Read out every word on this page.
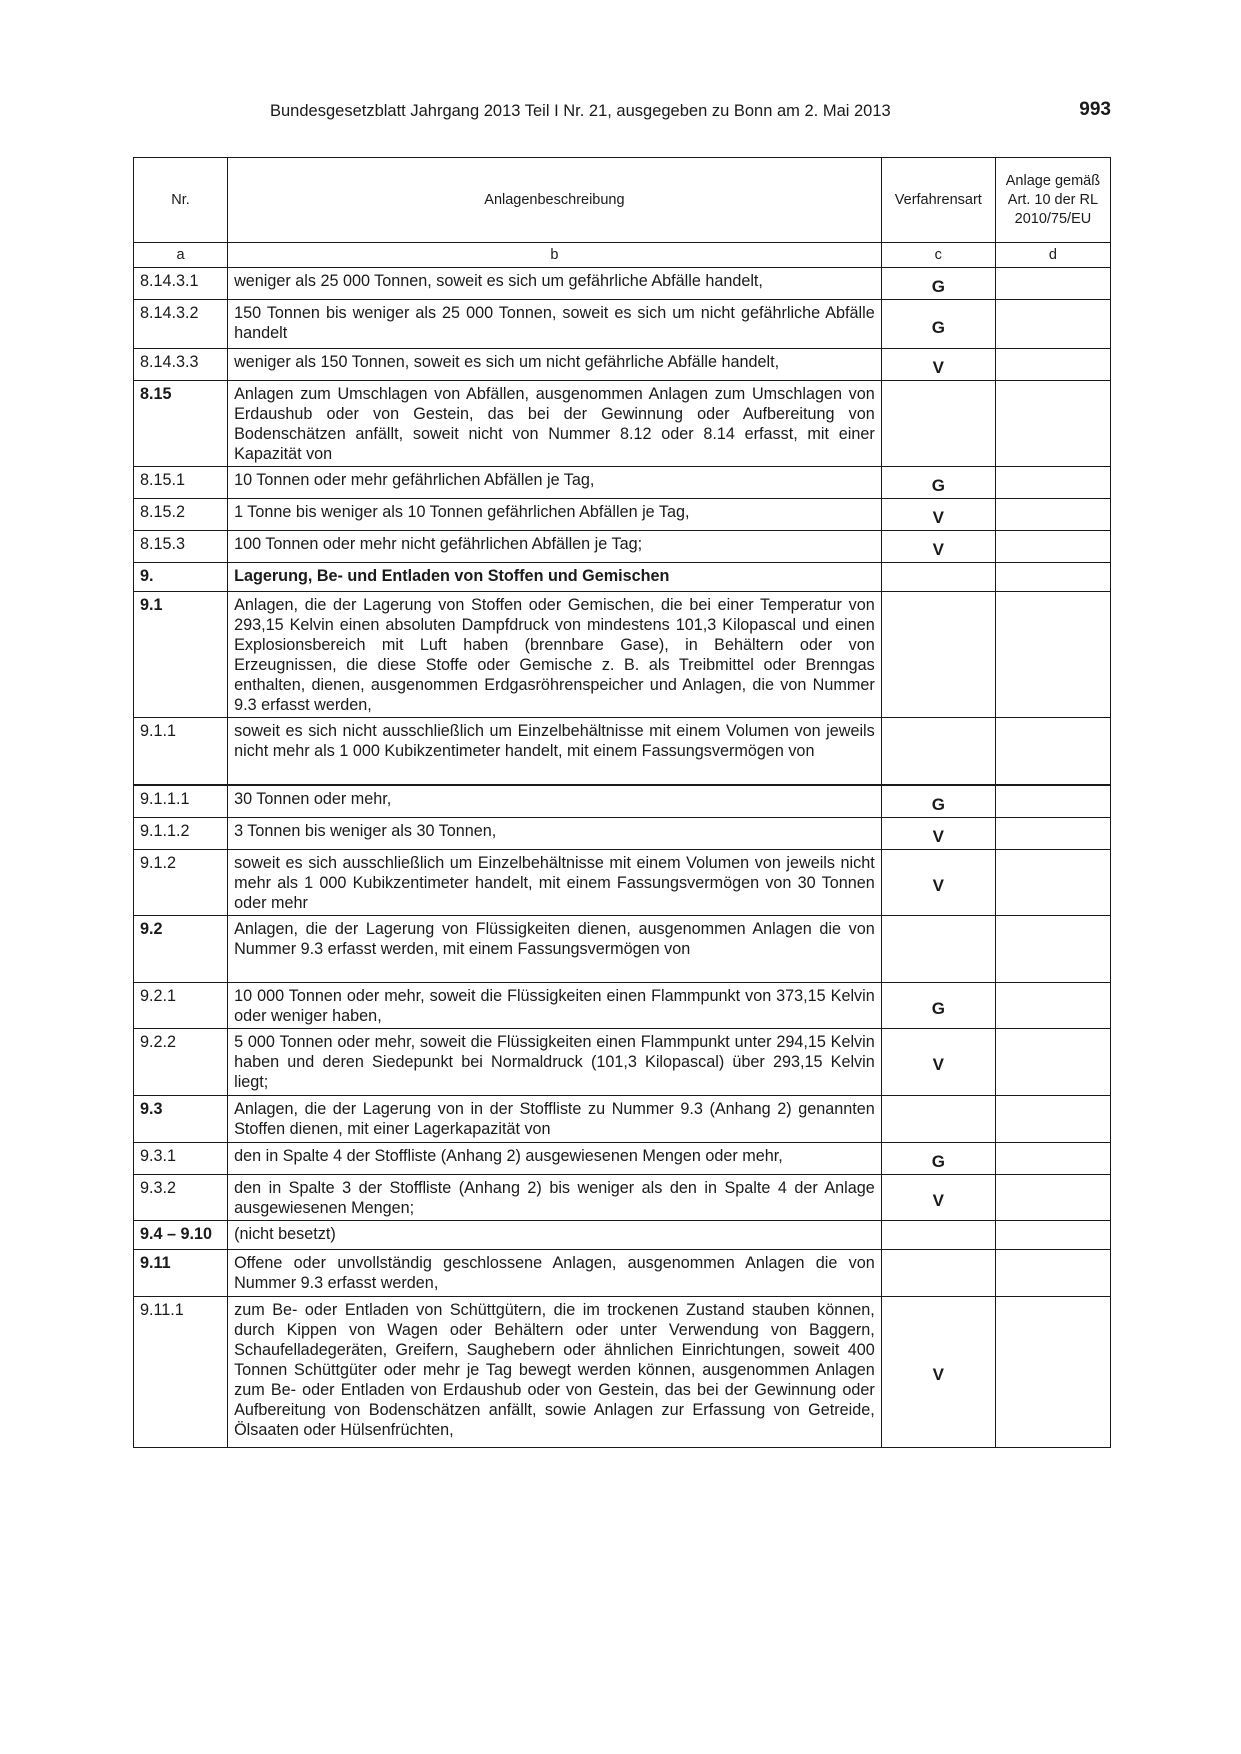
Bundesgesetzblatt Jahrgang 2013 Teil I Nr. 21, ausgegeben zu Bonn am 2. Mai 2013	993
Nr.	Anlagenbeschreibung	Verfahrensart	Anlage gemäß Art. 10 der RL 2010/75/EU
a	b	c	d
8.14.3.1	weniger als 25 000 Tonnen, soweit es sich um gefährliche Abfälle handelt,	G	
8.14.3.2	150 Tonnen bis weniger als 25 000 Tonnen, soweit es sich um nicht gefährliche Abfälle handelt	G	
8.14.3.3	weniger als 150 Tonnen, soweit es sich um nicht gefährliche Abfälle handelt,	V	
8.15	Anlagen zum Umschlagen von Abfällen, ausgenommen Anlagen zum Umschlagen von Erdaushub oder von Gestein, das bei der Gewinnung oder Aufbereitung von Bodenschätzen anfällt, soweit nicht von Nummer 8.12 oder 8.14 erfasst, mit einer Kapazität von		
8.15.1	10 Tonnen oder mehr gefährlichen Abfällen je Tag,	G	
8.15.2	1 Tonne bis weniger als 10 Tonnen gefährlichen Abfällen je Tag,	V	
8.15.3	100 Tonnen oder mehr nicht gefährlichen Abfällen je Tag;	V	
9.	Lagerung, Be- und Entladen von Stoffen und Gemischen		
9.1	Anlagen, die der Lagerung von Stoffen oder Gemischen, die bei einer Temperatur von 293,15 Kelvin einen absoluten Dampfdruck von mindestens 101,3 Kilopascal und einen Explosionsbereich mit Luft haben (brennbare Gase), in Behältern oder von Erzeugnissen, die diese Stoffe oder Gemische z. B. als Treibmittel oder Brenngas enthalten, dienen, ausgenommen Erdgasröhrenspeicher und Anlagen, die von Nummer 9.3 erfasst werden,		
9.1.1	soweit es sich nicht ausschließlich um Einzelbehältnisse mit einem Volumen von jeweils nicht mehr als 1 000 Kubikzentimeter handelt, mit einem Fassungsvermögen von		
9.1.1.1	30 Tonnen oder mehr,	G	
9.1.1.2	3 Tonnen bis weniger als 30 Tonnen,	V	
9.1.2	soweit es sich ausschließlich um Einzelbehältnisse mit einem Volumen von jeweils nicht mehr als 1 000 Kubikzentimeter handelt, mit einem Fassungsvermögen von 30 Tonnen oder mehr	V	
9.2	Anlagen, die der Lagerung von Flüssigkeiten dienen, ausgenommen Anlagen die von Nummer 9.3 erfasst werden, mit einem Fassungsvermögen von		
9.2.1	10 000 Tonnen oder mehr, soweit die Flüssigkeiten einen Flammpunkt von 373,15 Kelvin oder weniger haben,	G	
9.2.2	5 000 Tonnen oder mehr, soweit die Flüssigkeiten einen Flammpunkt unter 294,15 Kelvin haben und deren Siedepunkt bei Normaldruck (101,3 Kilopascal) über 293,15 Kelvin liegt;	V	
9.3	Anlagen, die der Lagerung von in der Stoffliste zu Nummer 9.3 (Anhang 2) genannten Stoffen dienen, mit einer Lagerkapazität von		
9.3.1	den in Spalte 4 der Stoffliste (Anhang 2) ausgewiesenen Mengen oder mehr,	G	
9.3.2	den in Spalte 3 der Stoffliste (Anhang 2) bis weniger als den in Spalte 4 der Anlage ausgewiesenen Mengen;	V	
9.4 – 9.10	(nicht besetzt)		
9.11	Offene oder unvollständig geschlossene Anlagen, ausgenommen Anlagen die von Nummer 9.3 erfasst werden,		
9.11.1	zum Be- oder Entladen von Schüttgütern, die im trockenen Zustand stauben können, durch Kippen von Wagen oder Behältern oder unter Verwendung von Baggern, Schaufelladegeräten, Greifern, Saughebern oder ähnlichen Einrichtungen, soweit 400 Tonnen Schüttgüter oder mehr je Tag bewegt werden können, ausgenommen Anlagen zum Be- oder Entladen von Erdaushub oder von Gestein, das bei der Gewinnung oder Aufbereitung von Bodenschätzen anfällt, sowie Anlagen zur Erfassung von Getreide, Ölsaaten oder Hülsenfrüchten,	V	
